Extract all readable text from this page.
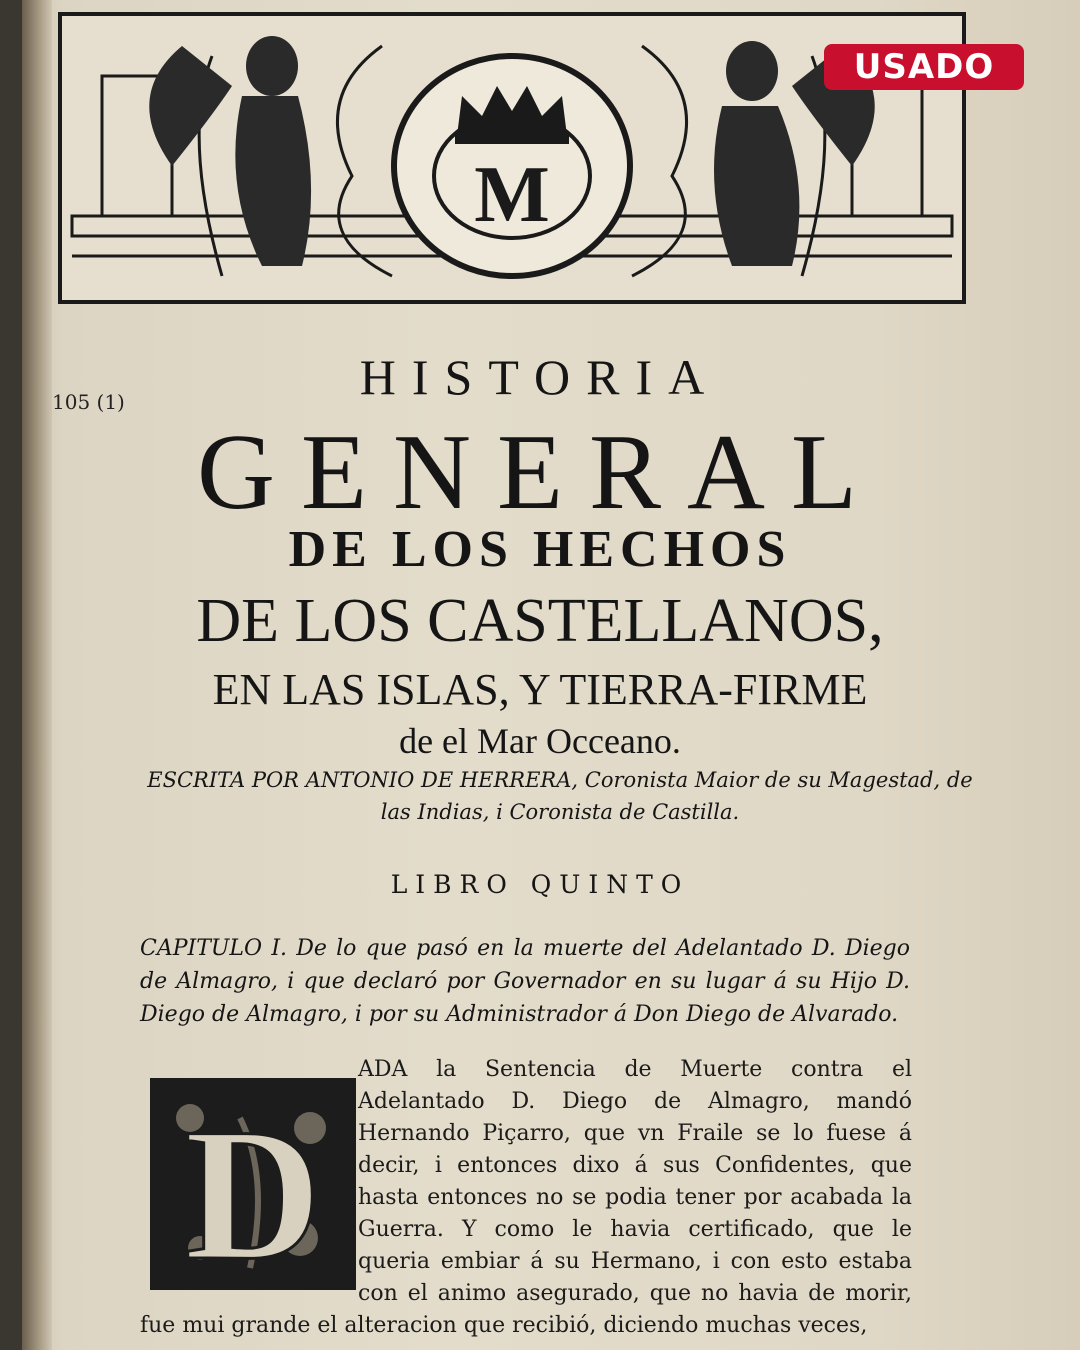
M
USADO
105 (1)	HISTORIA
GENERAL
DE LOS HECHOS
DE LOS CASTELLANOS,
EN LAS ISLAS, Y TIERRA-FIRME
de el Mar Occeano.
ESCRITA POR ANTONIO DE HERRERA, Coronista Maior de su Magestad, de las Indias, i Coronista de Castilla.
LIBRO QUINTO
CAPITULO I. De lo que pasó en la muerte del Adelantado D. Diego de Almagro, i que declaró por Governador en su lugar á su Hijo D. Diego de Almagro, i por su Administrador á Don Diego de Alvarado.
D
ADA la Sentencia de Muerte contra el Adelantado D. Diego de Almagro, mandó Hernando Piçarro, que vn Fraile se lo fuese á decir, i entonces dixo á sus Confidentes, que hasta entonces no se podia tener por acabada la Guerra. Y como le havia certificado, que le queria embiar á su Hermano, i con esto estaba con el animo asegurado, que no havia de morir, fue mui grande el alteracion que recibió, diciendo muchas veces,
